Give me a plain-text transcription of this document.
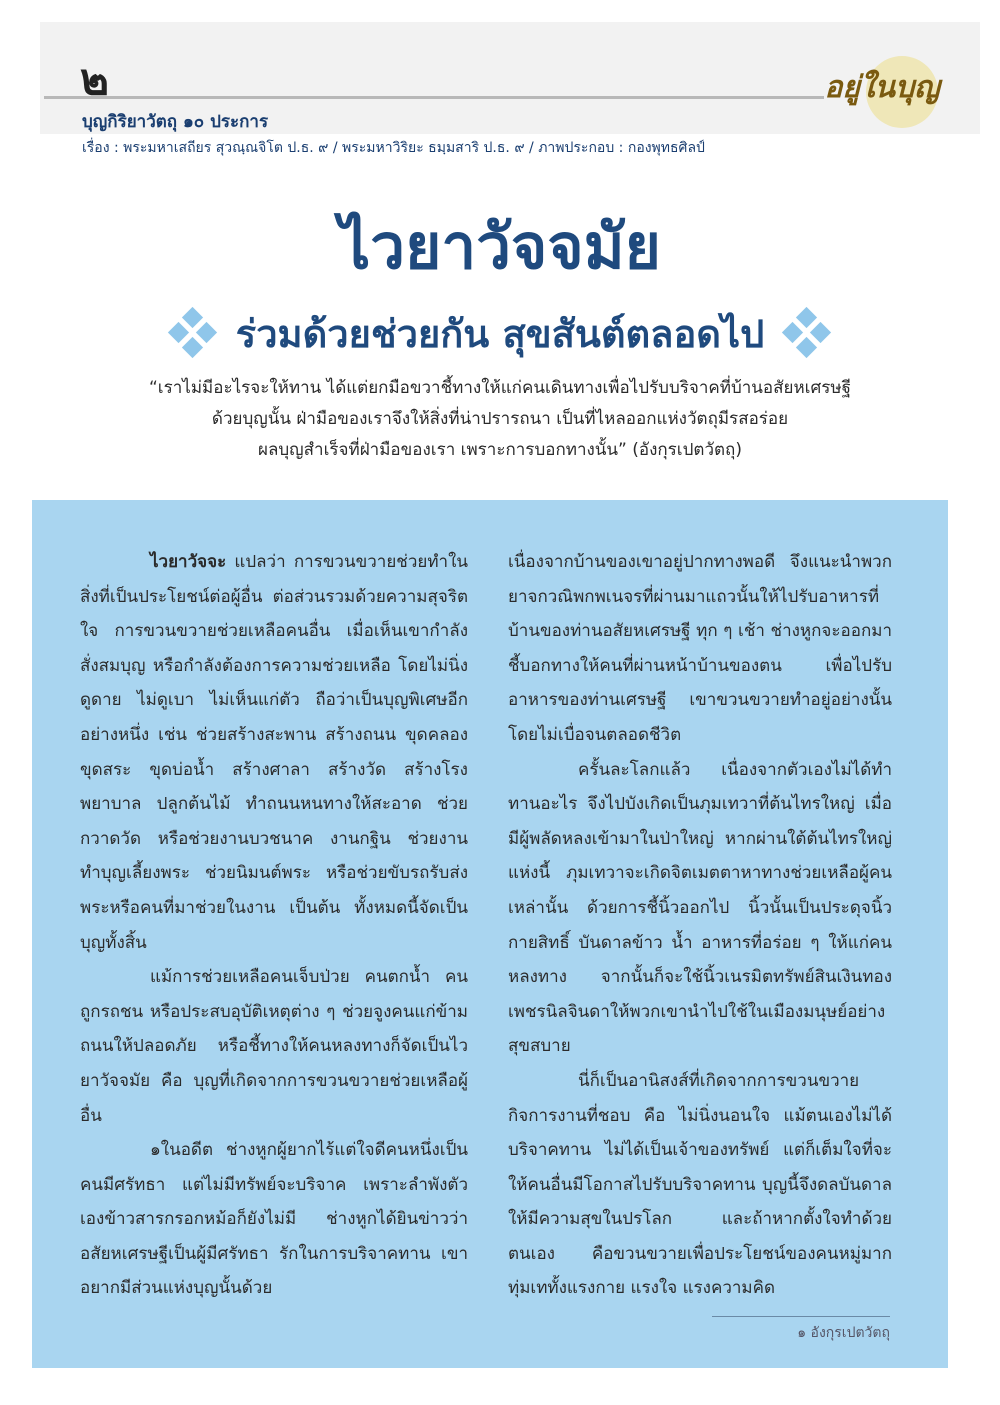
๒	อยู่ในบุญ
บุญกิริยาวัตถุ ๑๐ ประการ
เรื่อง : พระมหาเสถียร สุวณฺณจิโต ป.ธ. ๙ / พระมหาวิริยะ ธมฺมสาริ ป.ธ. ๙ / ภาพประกอบ : กองพุทธศิลป์
ไวยาวัจจมัย
ร่วมด้วยช่วยกัน สุขสันต์ตลอดไป

“เราไม่มีอะไรจะให้ทาน ได้แต่ยกมือขวาชี้ทางให้แก่คนเดินทางเพื่อไปรับบริจาคที่บ้านอสัยหเศรษฐี

ด้วยบุญนั้น ฝ่ามือของเราจึงให้สิ่งที่น่าปรารถนา เป็นที่ไหลออกแห่งวัตถุมีรสอร่อย

ผลบุญสำเร็จที่ฝ่ามือของเรา เพราะการบอกทางนั้น” (อังกุรเปตวัตถุ)

ไวยาวัจจะ แปลว่า การขวนขวายช่วยทำในสิ่งที่เป็นประโยชน์ต่อผู้อื่น ต่อส่วนรวมด้วยความสุจริตใจ การขวนขวายช่วยเหลือคนอื่น เมื่อเห็นเขากำลังสั่งสมบุญ หรือกำลังต้องการความช่วยเหลือ โดยไม่นิ่งดูดาย ไม่ดูเบา ไม่เห็นแก่ตัว ถือว่าเป็นบุญพิเศษอีกอย่างหนึ่ง เช่น ช่วยสร้างสะพาน สร้างถนน ขุดคลอง ขุดสระ ขุดบ่อน้ำ สร้างศาลา สร้างวัด สร้างโรงพยาบาล ปลูกต้นไม้ ทำถนนหนทางให้สะอาด ช่วยกวาดวัด หรือช่วยงานบวชนาค งานกฐิน ช่วยงานทำบุญเลี้ยงพระ ช่วยนิมนต์พระ หรือช่วยขับรถรับส่งพระหรือคนที่มาช่วยในงาน เป็นต้น ทั้งหมดนี้จัดเป็นบุญทั้งสิ้น

แม้การช่วยเหลือคนเจ็บป่วย คนตกน้ำ คนถูกรถชน หรือประสบอุบัติเหตุต่าง ๆ ช่วยจูงคนแก่ข้ามถนนให้ปลอดภัย หรือชี้ทางให้คนหลงทางก็จัดเป็นไวยาวัจจมัย คือ บุญที่เกิดจากการขวนขวายช่วยเหลือผู้อื่น

๑ในอดีต ช่างหูกผู้ยากไร้แต่ใจดีคนหนึ่งเป็นคนมีศรัทธา แต่ไม่มีทรัพย์จะบริจาค เพราะลำพังตัวเองข้าวสารกรอกหม้อก็ยังไม่มี ช่างหูกได้ยินข่าวว่าอสัยหเศรษฐีเป็นผู้มีศรัทธา รักในการบริจาคทาน เขาอยากมีส่วนแห่งบุญนั้นด้วย

เนื่องจากบ้านของเขาอยู่ปากทางพอดี จึงแนะนำพวกยาจกวณิพกพเนจรที่ผ่านมาแถวนั้นให้ไปรับอาหารที่บ้านของท่านอสัยหเศรษฐี ทุก ๆ เช้า ช่างหูกจะออกมาชี้บอกทางให้คนที่ผ่านหน้าบ้านของตน เพื่อไปรับอาหารของท่านเศรษฐี เขาขวนขวายทำอยู่อย่างนั้นโดยไม่เบื่อจนตลอดชีวิต

ครั้นละโลกแล้ว เนื่องจากตัวเองไม่ได้ทำทานอะไร จึงไปบังเกิดเป็นภุมเทวาที่ต้นไทรใหญ่ เมื่อมีผู้พลัดหลงเข้ามาในป่าใหญ่ หากผ่านใต้ต้นไทรใหญ่แห่งนี้ ภุมเทวาจะเกิดจิตเมตตาหาทางช่วยเหลือผู้คนเหล่านั้น ด้วยการชี้นิ้วออกไป นิ้วนั้นเป็นประดุจนิ้วกายสิทธิ์ บันดาลข้าว น้ำ อาหารที่อร่อย ๆ ให้แก่คนหลงทาง จากนั้นก็จะใช้นิ้วเนรมิตทรัพย์สินเงินทอง เพชรนิลจินดาให้พวกเขานำไปใช้ในเมืองมนุษย์อย่างสุขสบาย

นี่ก็เป็นอานิสงส์ที่เกิดจากการขวนขวายกิจการงานที่ชอบ คือ ไม่นิ่งนอนใจ แม้ตนเองไม่ได้บริจาคทาน ไม่ได้เป็นเจ้าของทรัพย์ แต่ก็เต็มใจที่จะให้คนอื่นมีโอกาสไปรับบริจาคทาน บุญนี้จึงดลบันดาลให้มีความสุขในปรโลก และถ้าหากตั้งใจทำด้วยตนเอง คือขวนขวายเพื่อประโยชน์ของคนหมู่มาก ทุ่มเททั้งแรงกาย แรงใจ แรงความคิด

๑ อังกุรเปตวัตถุ
